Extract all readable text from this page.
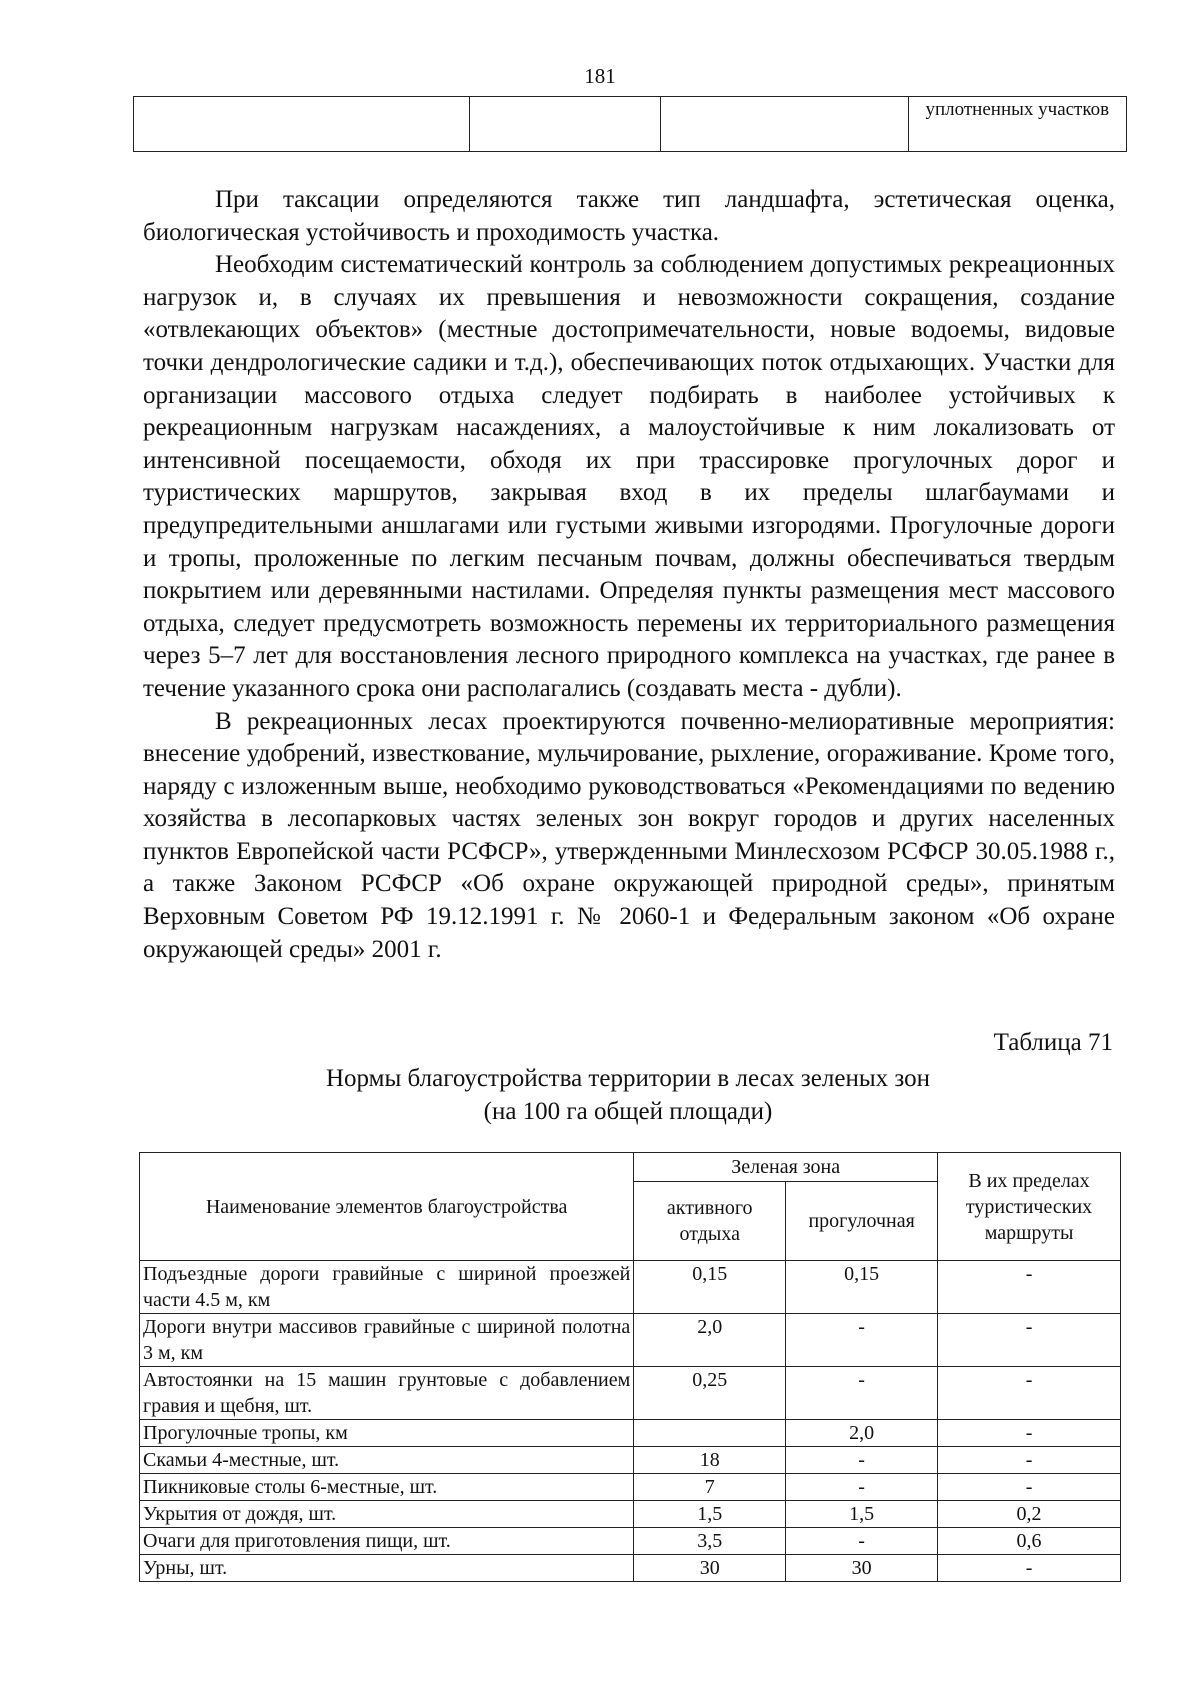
181
			уплотненных участков

При таксации определяются также тип ландшафта, эстетическая оценка, биологическая устойчивость и проходимость участка.

Необходим систематический контроль за соблюдением допустимых рекреационных нагрузок и, в случаях их превышения и невозможности сокращения, создание «отвлекающих объектов» (местные достопримечательности, новые водоемы, видовые точки дендрологические садики и т.д.), обеспечивающих поток отдыхающих. Участки для организации массового отдыха следует подбирать в наиболее устойчивых к рекреационным нагрузкам насаждениях, а малоустойчивые к ним локализовать от интенсивной посещаемости, обходя их при трассировке прогулочных дорог и туристических маршрутов, закрывая вход в их пределы шлагбаумами и предупредительными аншлагами или густыми живыми изгородями. Прогулочные дороги и тропы, проложенные по легким песчаным почвам, должны обеспечиваться твердым покрытием или деревянными настилами. Определяя пункты размещения мест массового отдыха, следует предусмотреть возможность перемены их территориального размещения через 5–7 лет для восстановления лесного природного комплекса на участках, где ранее в течение указанного срока они располагались (создавать места - дубли).

В рекреационных лесах проектируются почвенно-мелиоративные мероприятия: внесение удобрений, известкование, мульчирование, рыхление, огораживание. Кроме того, наряду с изложенным выше, необходимо руководствоваться «Рекомендациями по ведению хозяйства в лесопарковых частях зеленых зон вокруг городов и других населенных пунктов Европейской части РСФСР», утвержденными Минлесхозом РСФСР 30.05.1988 г., а также Законом РСФСР «Об охране окружающей природной среды», принятым Верховным Советом РФ 19.12.1991 г. № 2060-1 и Федеральным законом «Об охране окружающей среды» 2001 г.

Таблица 71
Нормы благоустройства территории в лесах зеленых зон
(на 100 га общей площади)
Наименование элементов благоустройства	Зеленая зона		В их пределах туристических маршруты
	активного отдыха	прогулочная	
Подъездные дороги гравийные с шириной проезжей части 4.5 м, км	0,15	0,15	-
Дороги внутри массивов гравийные с шириной полотна 3 м, км	2,0	-	-
Автостоянки на 15 машин грунтовые с добавлением гравия и щебня, шт.	0,25	-	-
Прогулочные тропы, км		2,0	-
Скамьи 4-местные, шт.	18	-	-
Пикниковые столы 6-местные, шт.	7	-	-
Укрытия от дождя, шт.	1,5	1,5	0,2
Очаги для приготовления пищи, шт.	3,5	-	0,6
Урны, шт.	30	30	-
